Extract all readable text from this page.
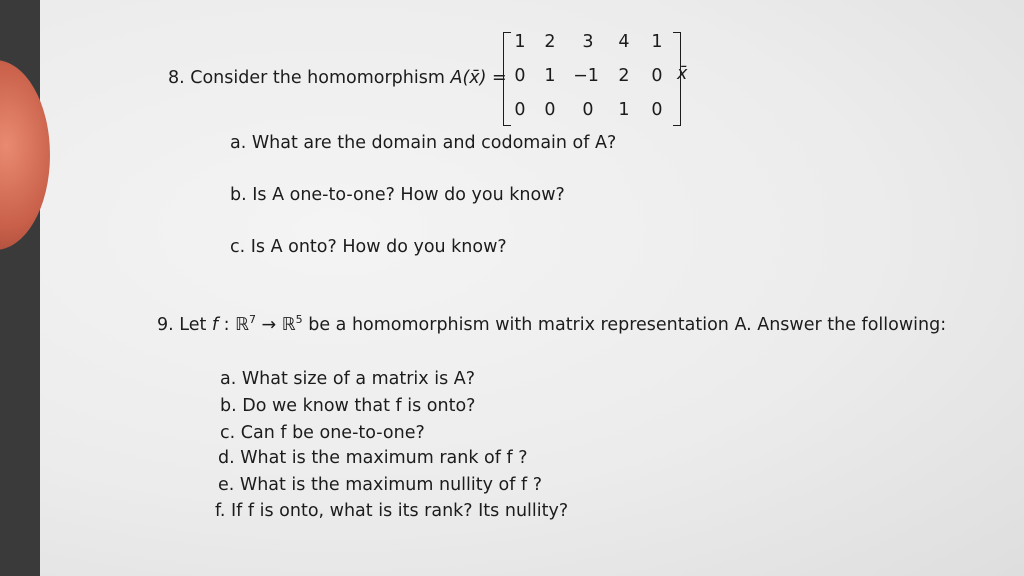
8. Consider the homomorphism A(x̄) =
1	2	3	4	1
0	1	−1	2	0
0	0	0	1	0
x̄
a. What are the domain and codomain of A?
b. Is A one-to-one? How do you know?
c. Is A onto? How do you know?
9. Let f : ℝ$^7$ → ℝ$^5$ be a homomorphism with matrix representation A. Answer the following:
a. What size of a matrix is A?
b. Do we know that f is onto?
c. Can f be one-to-one?
d. What is the maximum rank of f ?
e. What is the maximum nullity of f ?
f. If f is onto, what is its rank? Its nullity?
